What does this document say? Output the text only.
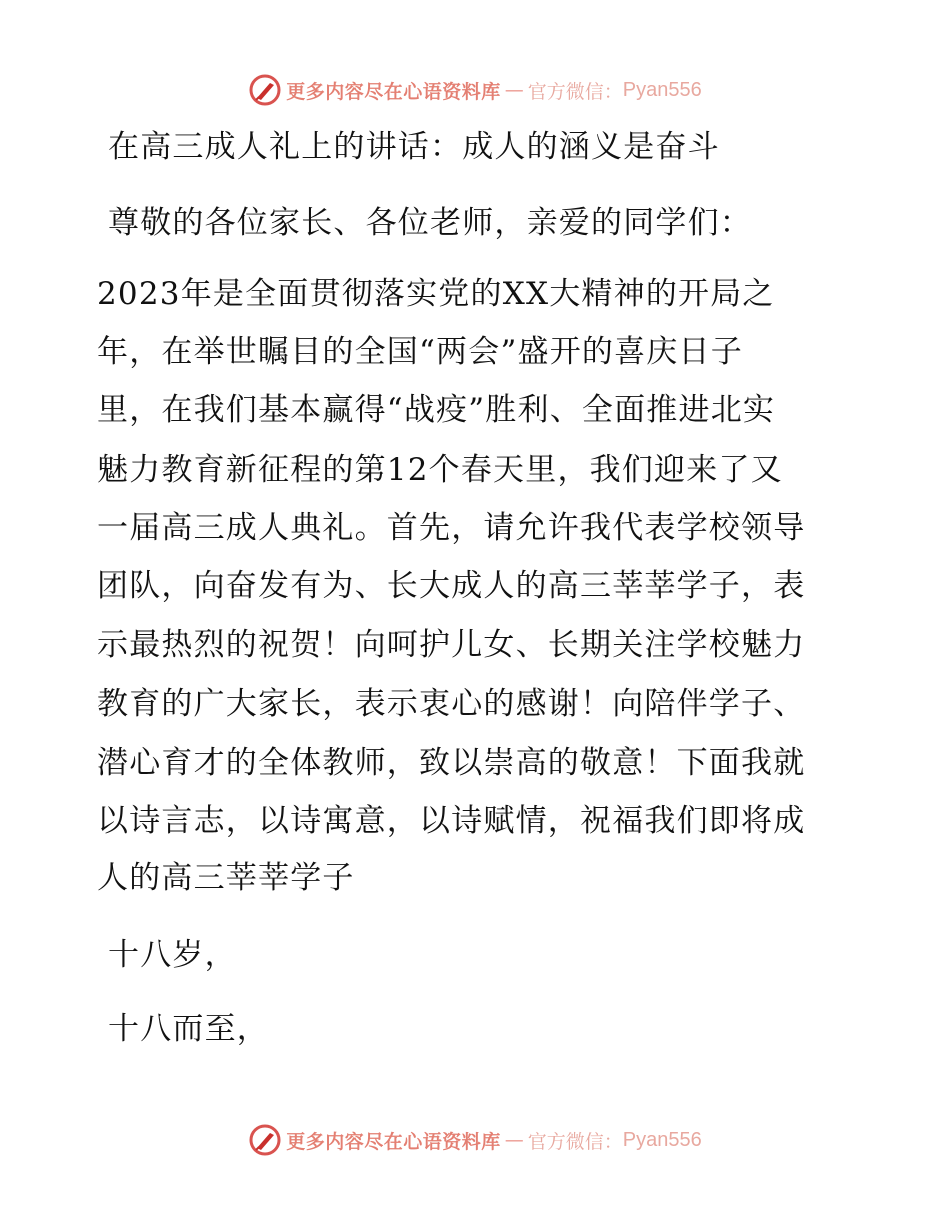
更多内容尽在心语资料库 — 官方微信： Pyan556
在高三成人礼上的讲话：成人的涵义是奋斗
尊敬的各位家长、各位老师，亲爱的同学们：
2023年是全面贯彻落实党的XX大精神的开局之
年，在举世瞩目的全国“两会”盛开的喜庆日子
里，在我们基本赢得“战疫”胜利、全面推进北实
魅力教育新征程的第12个春天里，我们迎来了又
一届高三成人典礼。首先，请允许我代表学校领导
团队，向奋发有为、长大成人的高三莘莘学子，表
示最热烈的祝贺！向呵护儿女、长期关注学校魅力
教育的广大家长，表示衷心的感谢！向陪伴学子、
潜心育才的全体教师，致以崇高的敬意！下面我就
以诗言志，以诗寓意，以诗赋情，祝福我们即将成
人的高三莘莘学子
十八岁，
十八而至，
更多内容尽在心语资料库 — 官方微信： Pyan556
